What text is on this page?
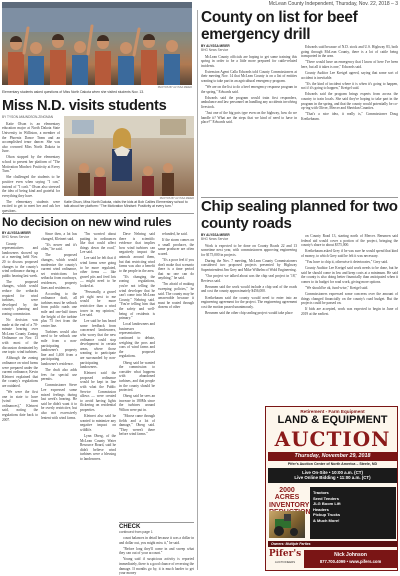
McLean County Independent, Thursday, Nov. 22, 2018 – 3
PHOTOS BY ALYSSA MEIER
Elementary students asked questions of Miss North Dakota when she visited students Nov. 13.
Miss N.D. visits students
BY TYSON AMUNDSON-ZINGMAN

Katie Olson is an elementary education major at North Dakota State University in Williston, a member of the Phoenix Dance Team and an accomplished tenor dancer. She was also crowned Miss North Dakota in June.

Olson stopped by the elementary school to present her platform of "The Motivation Mindset: Positivity at Every Turn."

She challenged the students to be positive even when saying "I can," instead of "I can't." Olson also stressed the idea of being kind and grateful for everything they have.

The elementary students were excited to get to meet her and ask her questions.

PHOTOS BY ALYSSA MEIER
Katie Olson, Miss North Dakota, visits the kids at Bob Callies Elementary school to talk about her platform: "The Motivation Mindset: Positivity at every turn."
No decision on new wind rules
BY ALYSSA MEIER
BHG News Service

County representatives and landowners showed up at a meeting held Nov. 20 to discuss proposed changes to the county's wind ordinance during a public hearing last week.

The proposed changes, which would reduce the setbacks required for wind turbines, were developed by the county's planning and zoning commission.

No decision was made at the end of a 70-minute hearing over McLean County Zoning Ordinance on Nov. 13 with most of the discussion dominated by one topic: wind turbines.

Although the zoning ordinance on wind farms were prepared under the current ordinance, Kevin Kleinert explained that the county's regulations are outdated.

"We were the first one in state to have (wind farm ordinances)," Kleinert said, noting the regulations date back to 2007.

Since then, a lot has changed, Kleinert said.

"It's newer and it's older," he said.

The proposed changes, which would modernize the county's current wind ordinance, set restrictions for setbacks from roadways, residences, property lines and residences.

According to the ordinance draft, all turbines must be setback from public roads one mile and one-half times the height of the turbine plus 75 feet from the center line.

Turbines would also need to be setback one mile from a non-participating landowner's property line and 1,400 from a participating landowner's residence.

The draft also adds fees for special use permits.

Commissioner Steve Lee expressed some mixed feelings during last week's hearing. He said he didn't want it to be overly restrictive, but also not excessively lenient with wind farms.

"I'm worried about putting in ordinances like that could affect things down the road," Lee said.

Lee said he felt that if wind farms were going to be more regulated, other items — like gravel pits and feed lots — might need to be looked at.

"Personally, a gravel pit right next to me would be more restrictive than a wind tower in my opinion," Lee said.

Lee said he has heard some feedback from concerned landowners, who worry that the new ordinance could stop development in certain areas, where those wanting to participate are surrounded by non-participating landowners.

Kleinert said the proposed ordinance would be kept in line with what the Public Service Commission allows — were created to avoid having lights flickering on residential properties.

Kleinert also said he wanted to minimize any negative impact on wildlife.

Lynn Oberg, of the McLean County Water Resource Board, said he didn't believe wind turbines were a blessing to landowners.

Dave Nehring said there is scientific evidence that implies how wind turbines can negatively impact the animals around them, but that restricting wind farms was also a benefit to the people in the area.

"It's changing the zoning regulations, you're not telling the wind developer that he can't come into McLean County," Nehring said. "You're telling him that the safety and well-being of residents is primary."

Local landowners and businesses representatives continued to debate, weighing the pros and cons of wind farms and the proposed regulations.

Oberg said he wanted the commission to consider what happens with abandoned turbines, and that people in the county should be protected.

Oberg said he sees an increase in 180Ms since the turbines around Wilton were put in.

"Moose came through fields and a lot of damage," Oberg said. "They weren't there before wind farms."

refunded, he said.

If the storm comes on a small producer, the same producer are often scared.

"It's a poor feel if you don't make that scenario there is a time period that no one can do anything," he said.

"I'm afraid of making sweeping policies," he said. The county may be answerable because it must be routed through dozens of other

CHECK
continued from page 1

count balances in detail because it was a dollar in and dollar out, you might miss it," he said.

"Before long they'll come in and sweep what they can out of your account."

Young said if suspicious activity is reported immediately, there is a good chance of reversing the damage. If months go by, it is much harder to get your money

County on list for beef emergency drill
BY ALYSSA MEIER
BHG News Service

McLean County officials are hoping to get some training this spring in order to be a little more prepared for cattle-related incidents.

Extension Agent Calla Edwards told County Commissioners at their meeting Nov. 14 that McLean County is on a list of entities wanting to take part in an agricultural emergency program.

"We are on the list to do a beef emergency response program in the spring," Edwards said.

Edwards said the program would train first responders, ambulance and law personnel on handling any accidents involving livestock.

"Just one of the big pots type even on the highway, how do we handle it? What are the steps that we kind of need to have in place?" Edwards said.

Edwards said because of N.D. stock and U.S. Highway 83, both going through McLean County, there is a lot of cattle being transported in the area.

"There would have an emergency that I know of here I've been here, but all it takes is one," Edwards said.

County Auditor Lee Kreigel agreed, saying that some sort of accident is inevitable.

"It's the kind of incident where it is when it's going to happen, not if it's going to happen," Kreigel said.

Edwards said the program brings experts from across the country to train locals. She said they're hoping to take part in the program in the spring, and that the county would potentially be co-op-ing with Oliver, Mercer and Sheridan Counties.

"That's a nice idea, it really is," Commissioner Doug Kreikebaum.

Chip sealing planned for two county roads
BY ALYSSA MEIER
BHG News Service

Work is expected to be done on County Roads 22 and 13 sometime next year, with commissioners approving engineering for $175,000 in projects.

During the Nov. 7 meeting, McLean County Commissioners considered two proposed projects presented by Highway Superintendent Jim Grey and Mike Wilhelm of Wold Engineering.

"Our project we talked about was the chip seal project in '18," Reviews said.

Berumen said the work would include a chip seal of the roads and cost the county approximately $456,000.

Kreikebaum said the county would need to enter into an engineering agreement for the project. The engineering agreement cost the motion passed unanimously.

Berumen said the other chip sealing project would take place

on County Road 13, starting north of Mercer. Berumen said federal aid would cover a portion of the project, bringing the county's share to about $375,000.

Kreikebaum asked Grey if he was sure he would spend that kind of money, to which Grey said he felt it was necessary.

"You have to chip it, otherwise it deteriorates," Grey said.

County Auditor Lee Kreigel said work needs to be done, but he said he should come in low and keep costs at a minimum. He said the county is also doing better financially than anticipated when it comes to its budget for road work, giving more options.

"We should be ok, fund-wise," Kreigel said.

Commissioners expressed some concerns over the amount of things changed financially on the county's road budget. But the projects could be passed on.

If bids are accepted, work was expected to begin in June of 2019 at the earliest.

Retirement - Farm Equipment
LAND & EQUIPMENT
AUCTION
Thursday, November 29, 2018
Pifer's Auction Center of North America – Steele, ND
Live On-Site • 10:00 a.m. (CT)
Live Online Bidding • 11:00 a.m. (CT)
2000 ACRES INVENTORY
Tractors
Seed Tenders
JLG Boom Lift
Headers
Pickup Trucks
& Much More!
Owners: Multiple Parties
Pifer's
AUCTIONEERS
Nick Johnson
877.700.4099 • www.pifers.com
